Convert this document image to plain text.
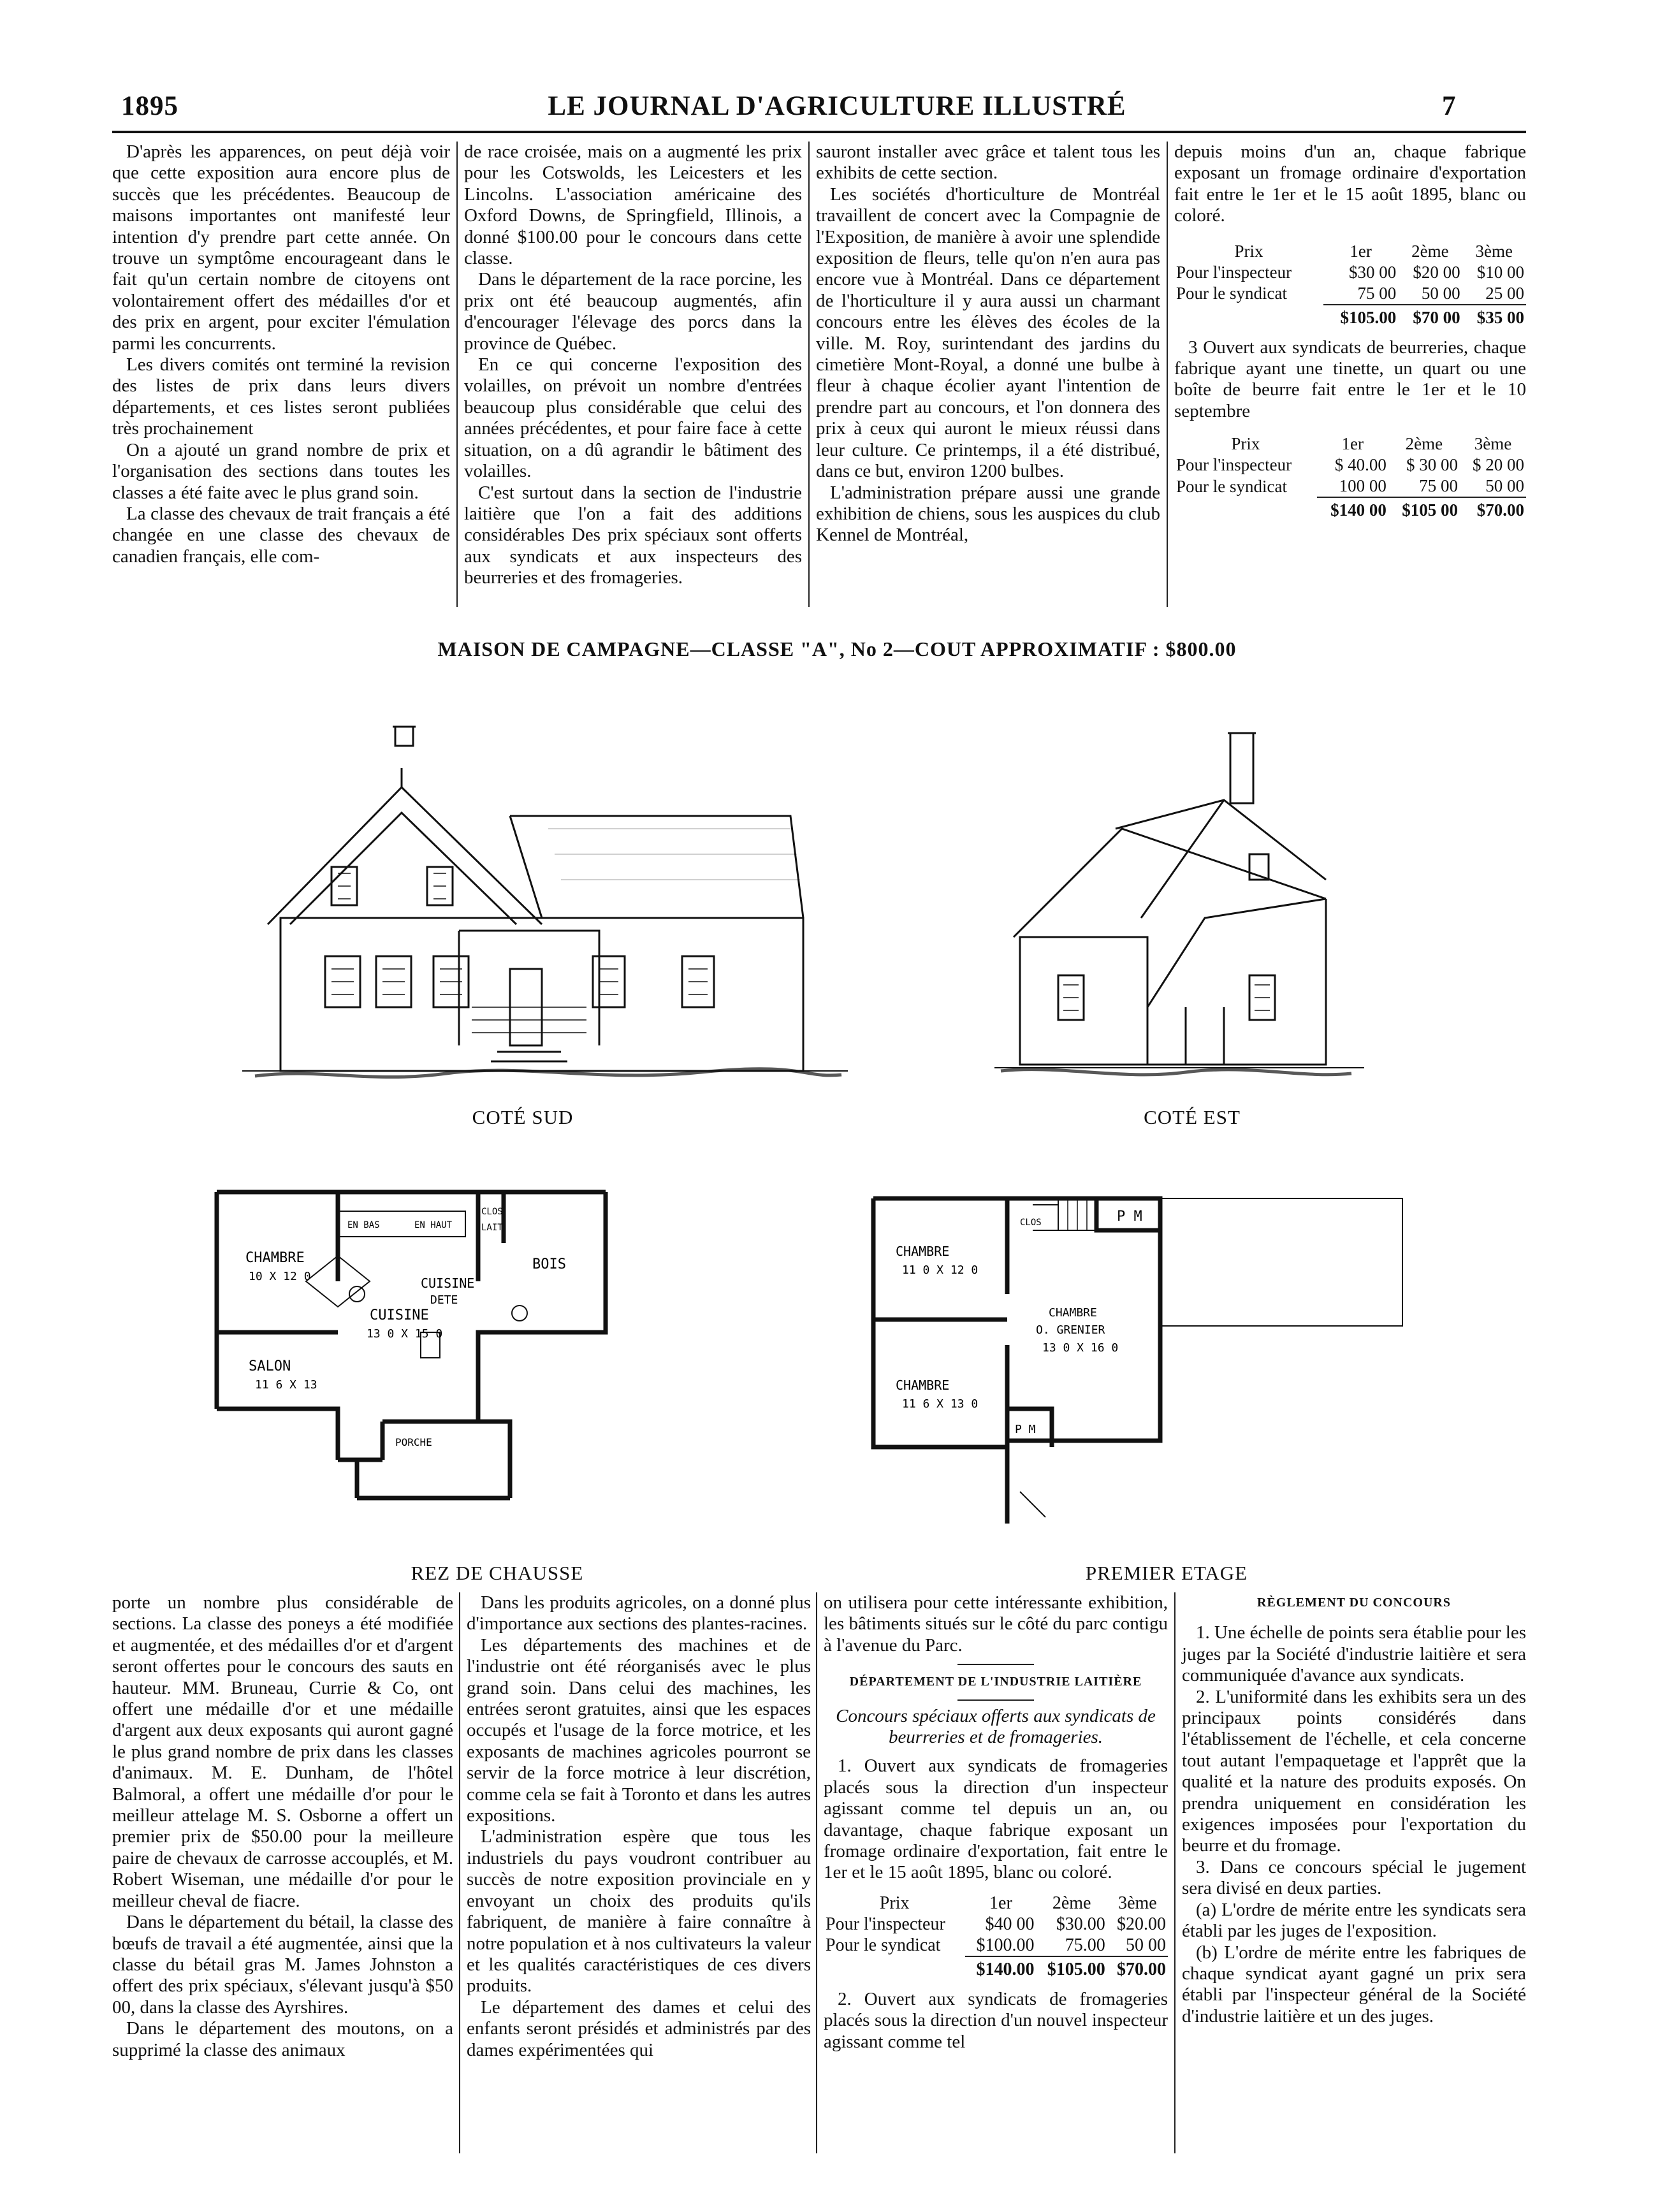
1895	LE JOURNAL D'AGRICULTURE ILLUSTRÉ	7

D'après les apparences, on peut déjà voir que cette exposition aura encore plus de succès que les précédentes. Beaucoup de maisons importantes ont manifesté leur intention d'y prendre part cette année. On trouve un symptôme encourageant dans le fait qu'un certain nombre de citoyens ont volontairement offert des médailles d'or et des prix en argent, pour exciter l'émulation parmi les concurrents.

Les divers comités ont terminé la revision des listes de prix dans leurs divers départements, et ces listes seront publiées très prochainement

On a ajouté un grand nombre de prix et l'organisation des sections dans toutes les classes a été faite avec le plus grand soin.

La classe des chevaux de trait français a été changée en une classe des chevaux de canadien français, elle com-

de race croisée, mais on a augmenté les prix pour les Cotswolds, les Leicesters et les Lincolns. L'association américaine des Oxford Downs, de Springfield, Illinois, a donné $100.00 pour le concours dans cette classe.

Dans le département de la race porcine, les prix ont été beaucoup augmentés, afin d'encourager l'élevage des porcs dans la province de Québec.

En ce qui concerne l'exposition des volailles, on prévoit un nombre d'entrées beaucoup plus considérable que celui des années précédentes, et pour faire face à cette situation, on a dû agrandir le bâtiment des volailles.

C'est surtout dans la section de l'industrie laitière que l'on a fait des additions considérables Des prix spéciaux sont offerts aux syndicats et aux inspecteurs des beurreries et des fromageries.

sauront installer avec grâce et talent tous les exhibits de cette section.

Les sociétés d'horticulture de Montréal travaillent de concert avec la Compagnie de l'Exposition, de manière à avoir une splendide exposition de fleurs, telle qu'on n'en aura pas encore vue à Montréal. Dans ce département de l'horticulture il y aura aussi un charmant concours entre les élèves des écoles de la ville. M. Roy, surintendant des jardins du cimetière Mont-Royal, a donné une bulbe à fleur à chaque écolier ayant l'intention de prendre part au concours, et l'on donnera des prix à ceux qui auront le mieux réussi dans leur culture. Ce printemps, il a été distribué, dans ce but, environ 1200 bulbes.

L'administration prépare aussi une grande exhibition de chiens, sous les auspices du club Kennel de Montréal,

depuis moins d'un an, chaque fabrique exposant un fromage ordinaire d'exportation fait entre le 1er et le 15 août 1895, blanc ou coloré.

Prix	1er	2ème	3ème
Pour l'inspecteur	$30 00	$20 00	$10 00
Pour le syndicat	75 00	50 00	25 00
	$105.00	$70 00	$35 00

3 Ouvert aux syndicats de beurreries, chaque fabrique ayant une tinette, un quart ou une boîte de beurre fait entre le 1er et le 10 septembre

Prix	1er	2ème	3ème
Pour l'inspecteur	$ 40.00	$ 30 00	$ 20 00
Pour le syndicat	100 00	75 00	50 00
	$140 00	$105 00	$70.00
MAISON DE CAMPAGNE—CLASSE "A", No 2—COUT APPROXIMATIF : $800.00
COTÉ SUD	COTÉ EST
CHAMBRE
10 X 12 0
CUISINE
13 0 X 15 0
SALON
11 6 X 13
CUISINE
DETE
BOIS
PORCHE
EN BAS	EN HAUT
CLOS
LAIT
REZ DE CHAUSSE
CHAMBRE
11 0 X 12 0
CHAMBRE
11 6 X 13 0
CHAMBRE
O. GRENIER
13 0 X 16 0
P M
P M
CLOS
PREMIER ETAGE

porte un nombre plus considérable de sections. La classe des poneys a été modifiée et augmentée, et des médailles d'or et d'argent seront offertes pour le concours des sauts en hauteur. MM. Bruneau, Currie & Co, ont offert une médaille d'or et une médaille d'argent aux deux exposants qui auront gagné le plus grand nombre de prix dans les classes d'animaux. M. E. Dunham, de l'hôtel Balmoral, a offert une médaille d'or pour le meilleur attelage M. S. Osborne a offert un premier prix de $50.00 pour la meilleure paire de chevaux de carrosse accouplés, et M. Robert Wiseman, une médaille d'or pour le meilleur cheval de fiacre.

Dans le département du bétail, la classe des bœufs de travail a été augmentée, ainsi que la classe du bétail gras M. James Johnston a offert des prix spéciaux, s'élevant jusqu'à $50 00, dans la classe des Ayrshires.

Dans le département des moutons, on a supprimé la classe des animaux

Dans les produits agricoles, on a donné plus d'importance aux sections des plantes-racines.

Les départements des machines et de l'industrie ont été réorganisés avec le plus grand soin. Dans celui des machines, les entrées seront gratuites, ainsi que les espaces occupés et l'usage de la force motrice, et les exposants de machines agricoles pourront se servir de la force motrice à leur discrétion, comme cela se fait à Toronto et dans les autres expositions.

L'administration espère que tous les industriels du pays voudront contribuer au succès de notre exposition provinciale en y envoyant un choix des produits qu'ils fabriquent, de manière à faire connaître à notre population et à nos cultivateurs la valeur et les qualités caractéristiques de ces divers produits.

Le département des dames et celui des enfants seront présidés et administrés par des dames expérimentées qui

on utilisera pour cette intéressante exhibition, les bâtiments situés sur le côté du parc contigu à l'avenue du Parc.

DÉPARTEMENT DE L'INDUSTRIE LAITIÈRE

Concours spéciaux offerts aux syndicats de beurreries et de fromageries.

1. Ouvert aux syndicats de fromageries placés sous la direction d'un inspecteur agissant comme tel depuis un an, ou davantage, chaque fabrique exposant un fromage ordinaire d'exportation, fait entre le 1er et le 15 août 1895, blanc ou coloré.

Prix	1er	2ème	3ème
Pour l'inspecteur	$40 00	$30.00	$20.00
Pour le syndicat	$100.00	75.00	50 00
	$140.00	$105.00	$70.00

2. Ouvert aux syndicats de fromageries placés sous la direction d'un nouvel inspecteur agissant comme tel

RÈGLEMENT DU CONCOURS

1. Une échelle de points sera établie pour les juges par la Société d'industrie laitière et sera communiquée d'avance aux syndicats.

2. L'uniformité dans les exhibits sera un des principaux points considérés dans l'établissement de l'échelle, et cela concerne tout autant l'empaquetage et l'apprêt que la qualité et la nature des produits exposés. On prendra uniquement en considération les exigences imposées pour l'exportation du beurre et du fromage.

3. Dans ce concours spécial le jugement sera divisé en deux parties.

(a) L'ordre de mérite entre les syndicats sera établi par les juges de l'exposition.

(b) L'ordre de mérite entre les fabriques de chaque syndicat ayant gagné un prix sera établi par l'inspecteur général de la Société d'industrie laitière et un des juges.
